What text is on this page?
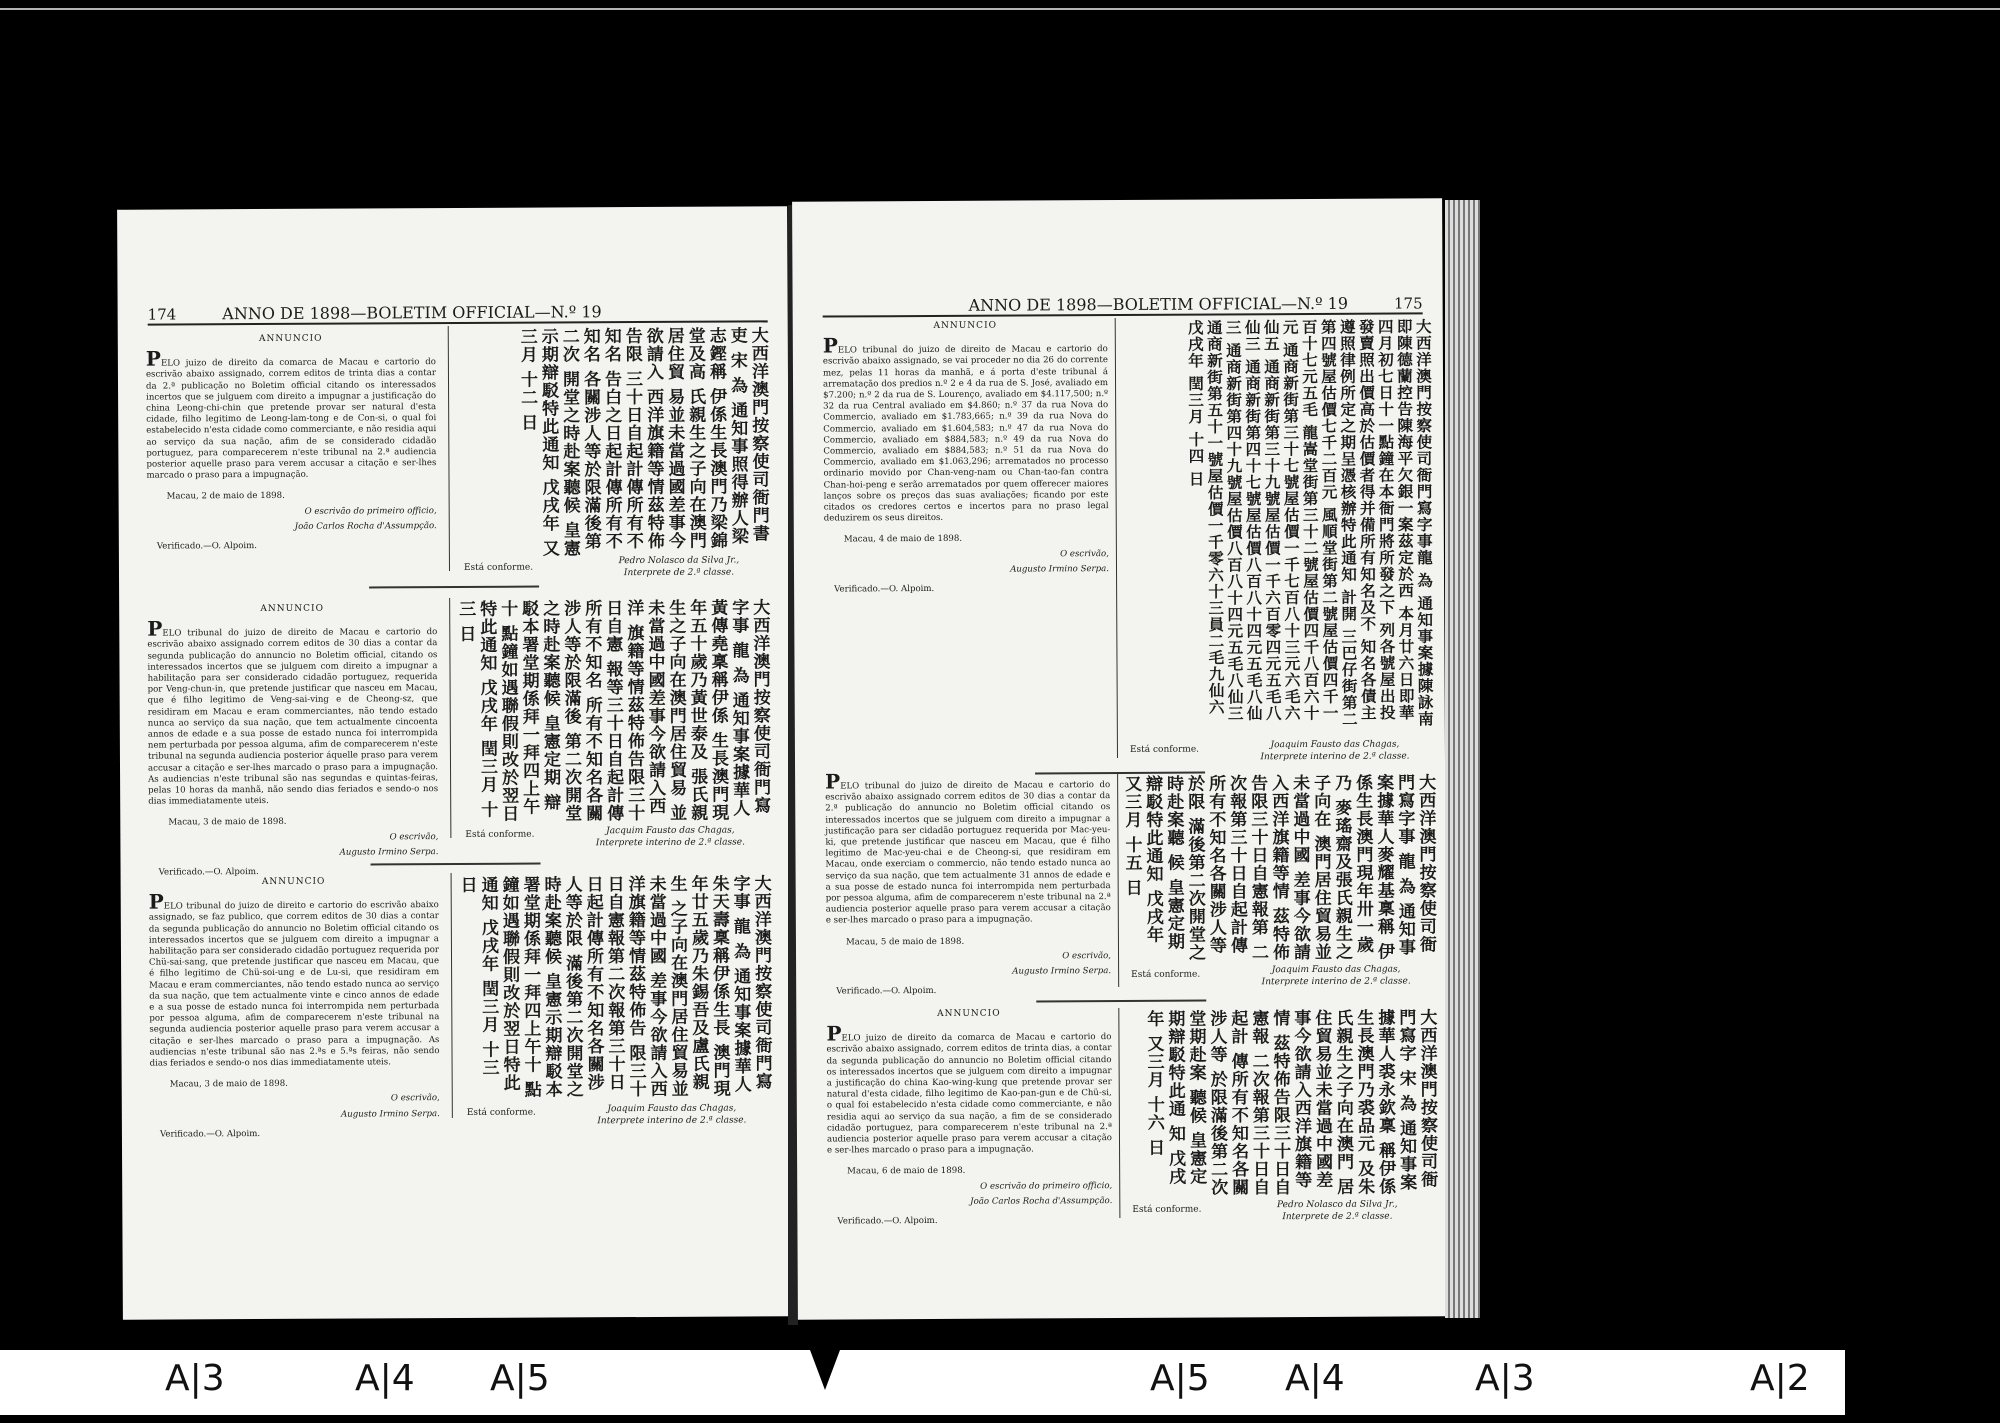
174	ANNO DE 1898—BOLETIM OFFICIAL—N.º 19
ANNUNCIO
PELO juizo de direito da comarca de Macau e cartorio do escrivão abaixo assignado, correm editos de trinta dias a contar da 2.ª publicação no Boletim official citando os interessados incertos que se julguem com direito a impugnar a justificação do china Leong-chi-chin que pretende provar ser natural d'esta cidade, filho legitimo de Leong-lam-tong e de Con-si, o qual foi estabelecido n'esta cidade como commerciante, e não residia aqui ao serviço da sua nação, afim de se considerado cidadão portuguez, para comparecerem n'este tribunal na 2.ª audiencia posterior aquelle praso para verem accusar a citação e ser-lhes marcado o praso para a impugnação.
Macau, 2 de maio de 1898.
O escrivão do primeiro officio,
João Carlos Rocha d'Assumpção.
Verificado.—O. Alpoim.
大西洋澳門按察使司衙門書吏 宋 為 通知事照得辦人梁志鏗稱 伊係生長澳門乃梁錦堂及高 氏親生之子向在澳門居住貿 易並未當過國差事今欲請入 西洋旗籍等情茲特佈告限 三十日自起計傳所有不知名 告白之日起計傳所有不知名 各關涉人等於限滿後第二次 開堂之時赴案聽候 皇憲示期辯駁特此通知 戊戌年 又三月 十二 日
Está conforme.
Pedro Nolasco da Silva Jr.,
Interprete de 2.ª classe.
ANNUNCIO
PELO tribunal do juizo de direito de Macau e cartorio do escrivão abaixo assignado correm editos de 30 dias a contar da segunda publicação do annuncio no Boletim official, citando os interessados incertos que se julguem com direito a impugnar a habilitação para ser considerado cidadão portuguez, requerida por Veng-chun-in, que pretende justificar que nasceu em Macau, que é filho legitimo de Veng-sai-ving e de Cheong-sz, que residiram em Macau e eram commerciantes, não tendo estado nunca ao serviço da sua nação, que tem actualmente cincoenta annos de edade e a sua posse de estado nunca foi interrompida nem perturbada por pessoa alguma, afim de comparecerem n'este tribunal na segunda audiencia posterior áquelle praso para verem accusar a citação e ser-lhes marcado o praso para a impugnação. As audiencias n'este tribunal são nas segundas e quintas-feiras, pelas 10 horas da manhã, não sendo dias feriados e sendo-o nos dias immediatamente uteis.
Macau, 3 de maio de 1898.
O escrivão,
Augusto Irmino Serpa.
Verificado.—O. Alpoim.
大西洋澳門按察使司衙門寫字事 龍 為 通知事案據華人黃傳堯稟稱伊係 生長澳門現年五十歲乃黃世泰及 張氏親生之子向在澳門居住貿易 並未當過中國差事今欲請入西洋 旗籍等情茲特佈告限三十日自憲 報等三十日自起計傳所有不知名 所有不知名各關涉人等於限滿後 第二次開堂之時赴案聽候 皇憲定期 辯駁本署堂期係拜一拜四上午十 點鐘如遇聯假則改於翌日特此通知 戊戌年 閏三月 十三 日
Está conforme.	Jacquim Fausto das Chagas,
Interprete interino de 2.ª classe.
ANNUNCIO
PELO tribunal do juizo de direito e cartorio do escrivão abaixo assignado, se faz publico, que correm editos de 30 dias a contar da segunda publicação do annuncio no Boletim official citando os interessados incertos que se julguem com direito a impugnar a habilitação para ser considerado cidadão portuguez requerida por Chü-sai-sang, que pretende justificar que nasceu em Macau, que é filho legitimo de Chü-soi-ung e de Lu-si, que residiram em Macau e eram commerciantes, não tendo estado nunca ao serviço da sua nação, que tem actualmente vinte e cinco annos de edade e a sua posse de estado nunca foi interrompida nem perturbada por pessoa alguma, afim de comparecerem n'este tribunal na segunda audiencia posterior aquelle praso para verem accusar a citação e ser-lhes marcado o praso para a impugnação. As audiencias n'este tribunal são nas 2.ªs e 5.ªs feiras, não sendo dias feriados e sendo-o nos dias immediatamente uteis.
Macau, 3 de maio de 1898.
O escrivão,
Augusto Irmino Serpa.
Verificado.—O. Alpoim.
大西洋澳門按察使司衙門寫字事 龍 為 通知事案據華人朱天壽稟稱伊係生長 澳門現年廿五歲乃朱錫吾及盧氏親生 之子向在澳門居住貿易並未當過中國 差事今欲請入西洋旗籍等情茲特佈告 限三十日自憲報第二次報第三十日 日起計傳所有不知名各關涉人等於限 滿後第二次開堂之時赴案聽候 皇憲示期辯駁本署堂期係拜一拜四上午十 點鐘如遇聯假則改於翌日特此通知 戊戌年 閏三月 十三 日
Está conforme.	Joaquim Fausto das Chagas,
Interprete interino de 2.ª classe.
ANNO DE 1898—BOLETIM OFFICIAL—N.º 19	175
ANNUNCIO
PELO tribunal do juizo de direito de Macau e cartorio do escrivão abaixo assignado, se vai proceder no dia 26 do corrente mez, pelas 11 horas da manhã, e á porta d'este tribunal á arrematação dos predios n.º 2 e 4 da rua de S. José, avaliado em $7.200; n.º 2 da rua de S. Lourenço, avaliado em $4.117,500; n.º 32 da rua Central avaliado em $4.860; n.º 37 da rua Nova do Commercio, avaliado em $1.783,665; n.º 39 da rua Nova do Commercio, avaliado em $1.604,583; n.º 47 da rua Nova do Commercio, avaliado em $884,583; n.º 49 da rua Nova do Commercio, avaliado em $884,583; n.º 51 da rua Nova do Commercio, avaliado em $1.063,296; arrematados no processo ordinario movido por Chan-veng-nam ou Chan-tao-fan contra Chan-hoi-peng e serão arrematados por quem offerecer maiores lanços sobre os preços das suas avaliações; ficando por este citados os credores certos e incertos para no praso legal deduzirem os seus direitos.
Macau, 4 de maio de 1898.
O escrivão,
Augusto Irmino Serpa.
Verificado.—O. Alpoim.	大西洋澳門按察使司衙門寫字事龍 為 通知事案據陳詠南即陳德蘭控告陳海平欠銀一案茲定於西 本月廿六日即華四月初七日十一點鐘在本衙門將所發之下 列各號屋出投發賣照出價高於估價者得并備所有知名及不 知名各債主遵照律例所定之期呈憑核辦特此通知 計開 三巴仔街第二第四號屋估價七千二百元 風順堂街第二號屋估價四千一百十七元五毛 龍嵩堂街第三十二號屋估價四千八百六十元 通商新街第三十七號屋估價一千七百八十三元六毛六仙五 通商新街第三十九號屋估價一千六百零四元五毛八仙三 通商新街第四十七號屋估價八百八十四元五毛八仙三 通商新街第四十九號屋估價八百八十四元五毛八仙三 通商新街第五十一號屋估價一千零六十三員二毛九仙六 戊戌年 閏三月 十四 日
Está conforme.	Joaquim Fausto das Chagas,
Interprete interino de 2.ª classe.
PELO tribunal do juizo de direito de Macau e cartorio do escrivão abaixo assignado correm editos de 30 dias a contar da 2.ª publicação do annuncio no Boletim official citando os interessados incertos que se julguem com direito a impugnar a justificação para ser cidadão portuguez requerida por Mac-yeu-ki, que pretende justificar que nasceu em Macau, que é filho legitimo de Mac-yeu-chai e de Cheong-si, que residiram em Macau, onde exerciam o commercio, não tendo estado nunca ao serviço da sua nação, que tem actualmente 31 annos de edade e a sua posse de estado nunca foi interrompida nem perturbada por pessoa alguma, afim de comparecerem n'este tribunal na 2.ª audiencia posterior aquelle praso para verem accusar a citação e ser-lhes marcado o praso para a impugnação.
Macau, 5 de maio de 1898.
O escrivão,
Augusto Irmino Serpa.
Verificado.—O. Alpoim.
大西洋澳門按察使司衙門寫字事 龍 為 通知事案據華人麥耀基稟稱 伊係生長澳門現年卅一歲乃 麥瑤齋及張氏親生之子向在 澳門居住貿易並未當過中國 差事今欲請入西洋旗籍等情 茲特佈告限三十日自憲報第 二次報第三十日自起計傳 所有不知名各關涉人等於限 滿後第二次開堂之時赴案聽 候 皇憲定期辯駁特此通知 戊戌年 又三月 十五 日
Está conforme.	Joaquim Fausto das Chagas,
Interprete interino de 2.ª classe.
ANNUNCIO
PELO juizo de direito da comarca de Macau e cartorio do escrivão abaixo assignado, correm editos de trinta dias, a contar da segunda publicação do annuncio no Boletim official citando os interessados incertos que se julguem com direito a impugnar a justificação do china Kao-wing-kung que pretende provar ser natural d'esta cidade, filho legitimo de Kao-pan-gun e de Chü-si, o qual foi estabelecido n'esta cidade como commerciante, e não residia aqui ao serviço da sua nação, a fim de se considerado cidadão portuguez, para comparecerem n'este tribunal na 2.ª audiencia posterior aquelle praso para verem accusar a citação e ser-lhes marcado o praso para a impugnação.
Macau, 6 de maio de 1898.
O escrivão do primeiro officio,
João Carlos Rocha d'Assumpção.
Verificado.—O. Alpoim.
大西洋澳門按察使司衙門寫字 宋 為 通知事案據華人裘永欽稟 稱伊係生長澳門乃裘品元 及朱氏親生之子向在澳門 居住貿易並未當過中國差 事今欲請入西洋旗籍等情 茲特佈告限三十日自憲報 二次報第三十日自起計 傳所有不知名各關涉人等 於限滿後第二次堂期赴案 聽候 皇憲定期辯駁特此通 知 戊戌年 又三月 十六 日
Está conforme.	Pedro Nolasco da Silva Jr.,
Interprete de 2.ª classe.
A|3	A|4 A|5	A|5 A|4	A|3	A|2
